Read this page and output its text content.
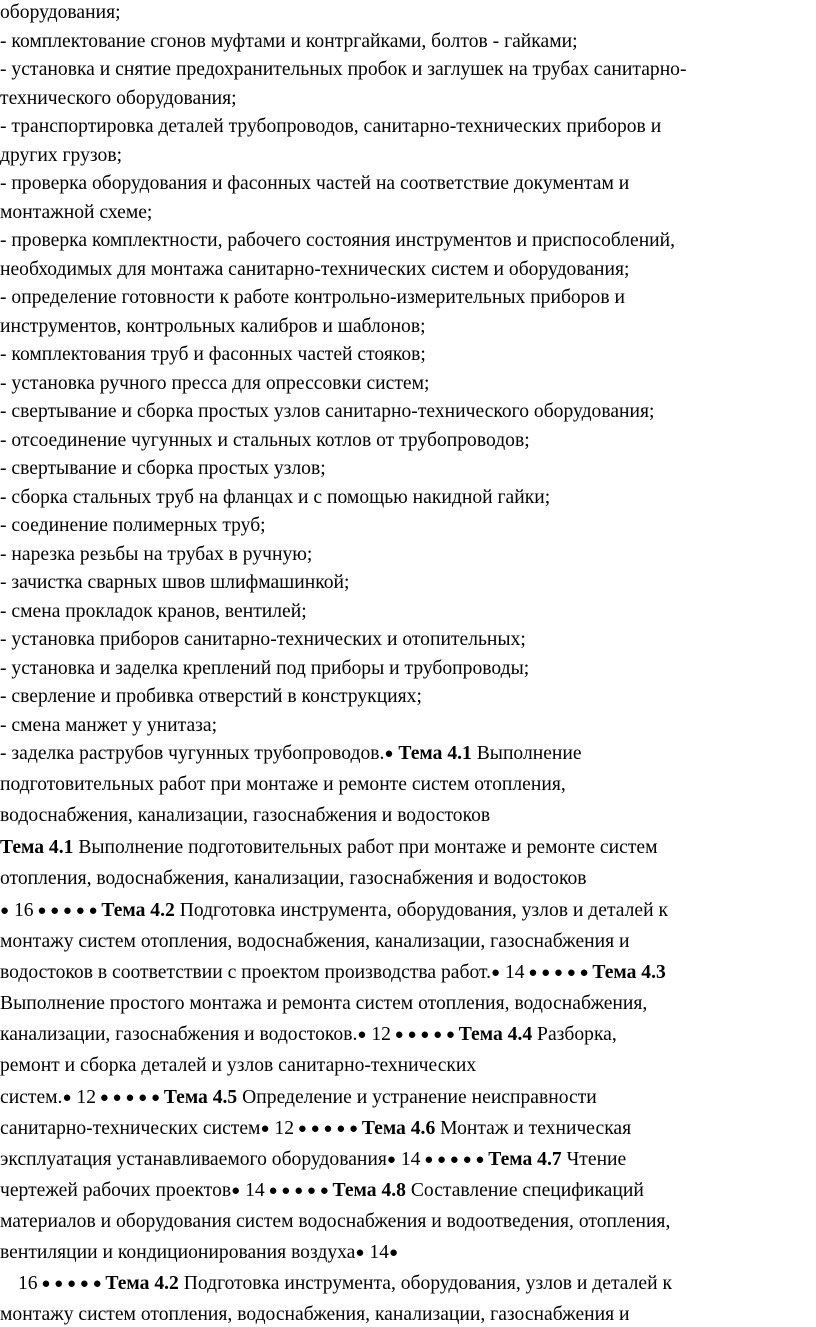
оборудования;
- комплектование сгонов муфтами и контргайками, болтов - гайками;
- установка и снятие предохранительных пробок и заглушек на трубах санитарно-
технического оборудования;
- транспортировка деталей трубопроводов, санитарно-технических приборов и
других грузов;
- проверка оборудования и фасонных частей на соответствие документам и
монтажной схеме;
- проверка комплектности, рабочего состояния инструментов и приспособлений,
необходимых для монтажа санитарно-технических систем и оборудования;
- определение готовности к работе контрольно-измерительных приборов и
инструментов, контрольных калибров и шаблонов;
- комплектования труб и фасонных частей стояков;
- установка ручного пресса для опрессовки систем;
- свертывание и сборка простых узлов санитарно-технического оборудования;
- отсоединение чугунных и стальных котлов от трубопроводов;
- свертывание и сборка простых узлов;
- сборка стальных труб на фланцах и с помощью накидной гайки;
- соединение полимерных труб;
- нарезка резьбы на трубах в ручную;
- зачистка сварных швов шлифмашинкой;
- смена прокладок кранов, вентилей;
- установка приборов санитарно-технических и отопительных;
- установка и заделка креплений под приборы и трубопроводы;
- сверление и пробивка отверстий в конструкциях;
- смена манжет у унитаза;
- заделка раструбов чугунных трубопроводов.● Тема 4.1 Выполнение
подготовительных работ при монтаже и ремонте систем отопления,
водоснабжения, канализации, газоснабжения и водостоков
Тема 4.1 Выполнение подготовительных работ при монтаже и ремонте систем
отопления, водоснабжения, канализации, газоснабжения и водостоков
● 16 ● ● ● ● ● Тема 4.2 Подготовка инструмента, оборудования, узлов и деталей к
монтажу систем отопления, водоснабжения, канализации, газоснабжения и
водостоков в соответствии с проектом производства работ.● 14 ● ● ● ● ● Тема 4.3
Выполнение простого монтажа и ремонта систем отопления, водоснабжения,
канализации, газоснабжения и водостоков.● 12 ● ● ● ● ● Тема 4.4 Разборка,
ремонт и сборка деталей и узлов санитарно-технических
систем.● 12 ● ● ● ● ● Тема 4.5 Определение и устранение неисправности
санитарно-технических систем● 12 ● ● ● ● ● Тема 4.6 Монтаж и техническая
эксплуатация устанавливаемого оборудования● 14 ● ● ● ● ● Тема 4.7 Чтение
чертежей рабочих проектов● 14 ● ● ● ● ● Тема 4.8 Составление спецификаций
материалов и оборудования систем водоснабжения и водоотведения, отопления,
вентиляции и кондиционирования воздуха● 14●
16 ● ● ● ● ● Тема 4.2 Подготовка инструмента, оборудования, узлов и деталей к
монтажу систем отопления, водоснабжения, канализации, газоснабжения и
